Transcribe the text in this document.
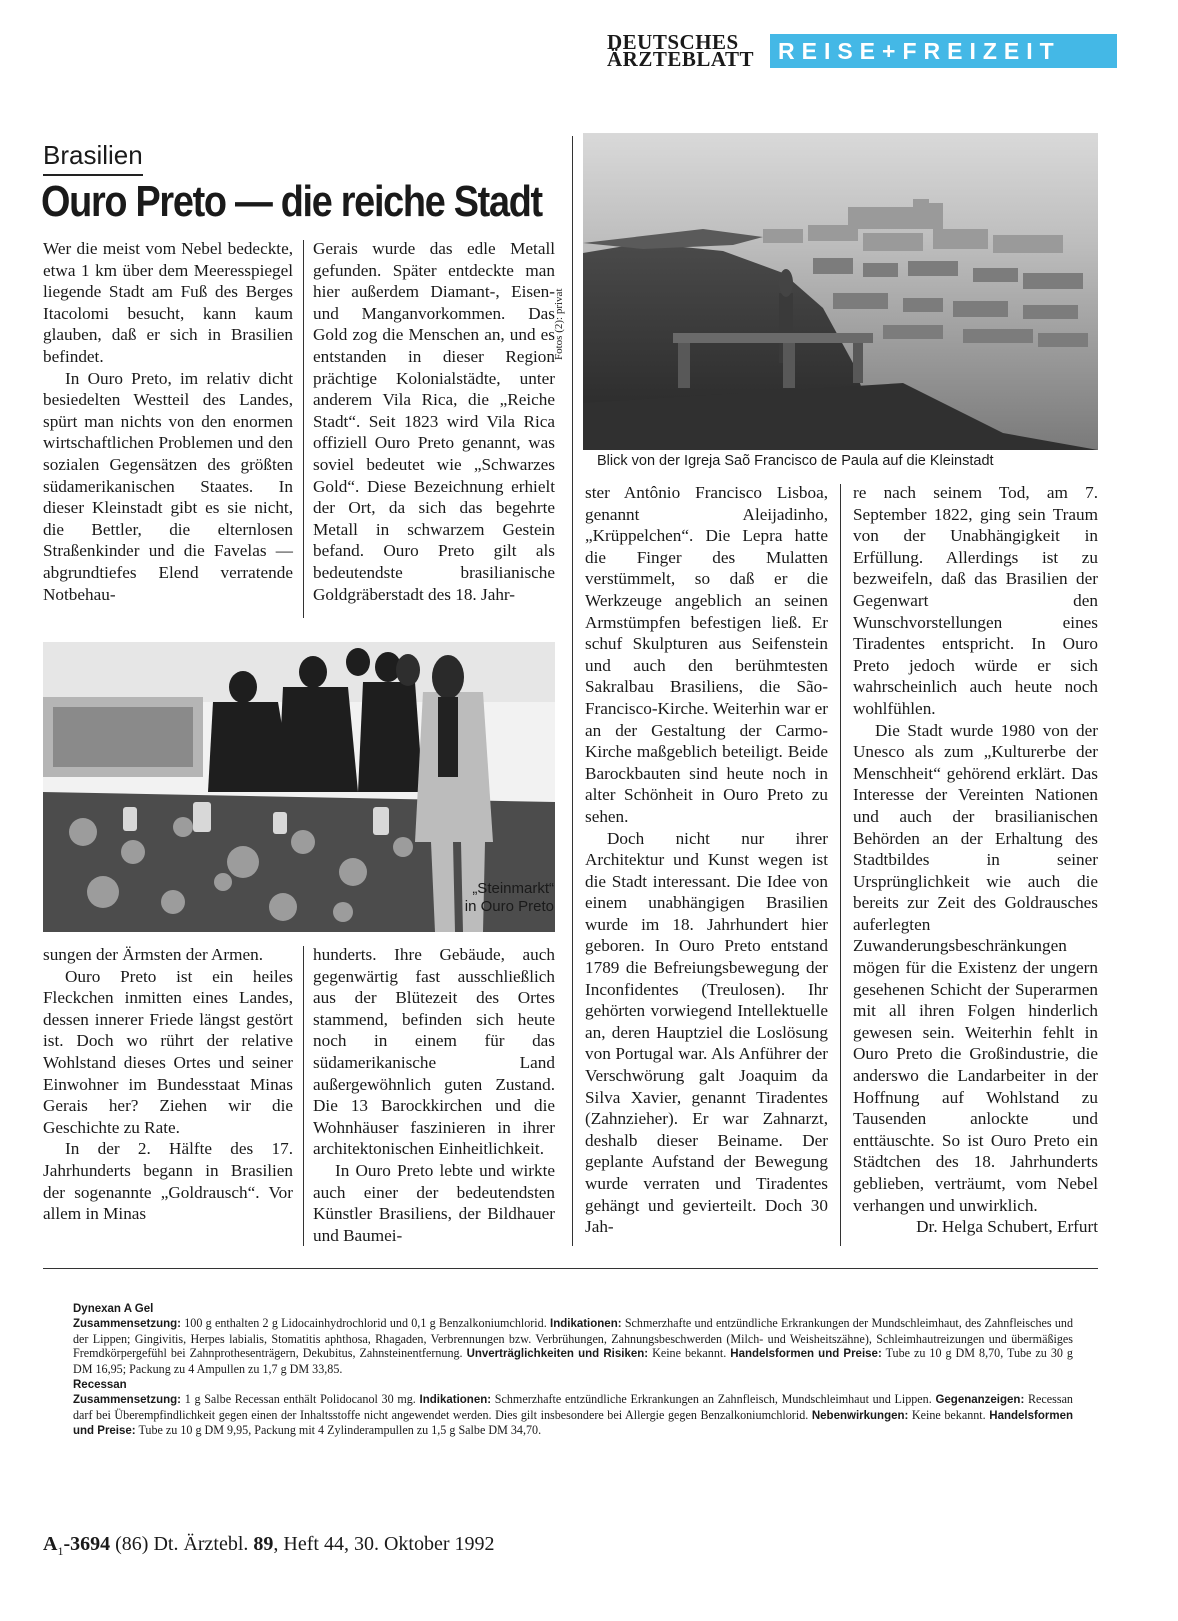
DEUTSCHES
ÄRZTEBLATT	REISE+FREIZEIT
Brasilien
Ouro Preto — die reiche Stadt
Fotos (2): privat
Blick von der Igreja Saõ Francisco de Paula auf die Kleinstadt
„Steinmarkt“
in Ouro Preto

Wer die meist vom Nebel bedeckte, etwa 1 km über dem Meeresspiegel liegende Stadt am Fuß des Berges Itacolomi besucht, kann kaum glauben, daß er sich in Brasilien befindet.

In Ouro Preto, im relativ dicht besiedelten Westteil des Landes, spürt man nichts von den enormen wirtschaftlichen Problemen und den sozialen Gegensätzen des größten südamerikanischen Staates. In dieser Kleinstadt gibt es sie nicht, die Bettler, die elternlosen Straßenkinder und die Favelas — abgrundtiefes Elend verratende Notbehau-

Gerais wurde das edle Metall gefunden. Später entdeckte man hier außerdem Diamant-, Eisen- und Manganvorkommen. Das Gold zog die Menschen an, und es entstanden in dieser Region prächtige Kolonialstädte, unter anderem Vila Rica, die „Reiche Stadt“. Seit 1823 wird Vila Rica offiziell Ouro Preto genannt, was soviel bedeutet wie „Schwarzes Gold“. Diese Bezeichnung erhielt der Ort, da sich das begehrte Metall in schwarzem Gestein befand. Ouro Preto gilt als bedeutendste brasilianische Goldgräberstadt des 18. Jahr-

sungen der Ärmsten der Armen.

Ouro Preto ist ein heiles Fleckchen inmitten eines Landes, dessen innerer Friede längst gestört ist. Doch wo rührt der relative Wohlstand dieses Ortes und seiner Einwohner im Bundesstaat Minas Gerais her? Ziehen wir die Geschichte zu Rate.

In der 2. Hälfte des 17. Jahrhunderts begann in Brasilien der sogenannte „Goldrausch“. Vor allem in Minas

hunderts. Ihre Gebäude, auch gegenwärtig fast ausschließlich aus der Blütezeit des Ortes stammend, befinden sich heute noch in einem für das südamerikanische Land außergewöhnlich guten Zustand. Die 13 Barockkirchen und die Wohnhäuser faszinieren in ihrer architektonischen Einheitlichkeit.

In Ouro Preto lebte und wirkte auch einer der bedeutendsten Künstler Brasiliens, der Bildhauer und Baumei-

ster Antônio Francisco Lisboa, genannt Aleijadinho, „Krüppelchen“. Die Lepra hatte die Finger des Mulatten verstümmelt, so daß er die Werkzeuge angeblich an seinen Armstümpfen befestigen ließ. Er schuf Skulpturen aus Seifenstein und auch den berühmtesten Sakralbau Brasiliens, die São-Francisco-Kirche. Weiterhin war er an der Gestaltung der Carmo-Kirche maßgeblich beteiligt. Beide Barockbauten sind heute noch in alter Schönheit in Ouro Preto zu sehen.

Doch nicht nur ihrer Architektur und Kunst wegen ist die Stadt interessant. Die Idee von einem unabhängigen Brasilien wurde im 18. Jahrhundert hier geboren. In Ouro Preto entstand 1789 die Befreiungsbewegung der Inconfidentes (Treulosen). Ihr gehörten vorwiegend Intellektuelle an, deren Hauptziel die Loslösung von Portugal war. Als Anführer der Verschwörung galt Joaquim da Silva Xavier, genannt Tiradentes (Zahnzieher). Er war Zahnarzt, deshalb dieser Beiname. Der geplante Aufstand der Bewegung wurde verraten und Tiradentes gehängt und gevierteilt. Doch 30 Jah-

re nach seinem Tod, am 7. September 1822, ging sein Traum von der Unabhängigkeit in Erfüllung. Allerdings ist zu bezweifeln, daß das Brasilien der Gegenwart den Wunschvorstellungen eines Tiradentes entspricht. In Ouro Preto jedoch würde er sich wahrscheinlich auch heute noch wohlfühlen.

Die Stadt wurde 1980 von der Unesco als zum „Kulturerbe der Menschheit“ gehörend erklärt. Das Interesse der Vereinten Nationen und auch der brasilianischen Behörden an der Erhaltung des Stadtbildes in seiner Ursprünglichkeit wie auch die bereits zur Zeit des Goldrausches auferlegten Zuwanderungsbeschränkungen mögen für die Existenz der ungern gesehenen Schicht der Superarmen mit all ihren Folgen hinderlich gewesen sein. Weiterhin fehlt in Ouro Preto die Großindustrie, die anderswo die Landarbeiter in der Hoffnung auf Wohlstand zu Tausenden anlockte und enttäuschte. So ist Ouro Preto ein Städtchen des 18. Jahrhunderts geblieben, verträumt, vom Nebel verhangen und unwirklich.

Dr. Helga Schubert, Erfurt

Dynexan A Gel

Zusammensetzung: 100 g enthalten 2 g Lidocainhydrochlorid und 0,1 g Benzalkoniumchlorid. Indikationen: Schmerzhafte und entzündliche Erkrankungen der Mundschleimhaut, des Zahnfleisches und der Lippen; Gingivitis, Herpes labialis, Stomatitis aphthosa, Rhagaden, Verbrennungen bzw. Verbrühungen, Zahnungsbeschwerden (Milch- und Weisheitszähne), Schleimhautreizungen und übermäßiges Fremdkörpergefühl bei Zahnprothesenträgern, Dekubitus, Zahnsteinentfernung. Unverträglichkeiten und Risiken: Keine bekannt. Handelsformen und Preise: Tube zu 10 g DM 8,70, Tube zu 30 g DM 16,95; Packung zu 4 Ampullen zu 1,7 g DM 33,85.

Recessan

Zusammensetzung: 1 g Salbe Recessan enthält Polidocanol 30 mg. Indikationen: Schmerzhafte entzündliche Erkrankungen an Zahnfleisch, Mundschleimhaut und Lippen. Gegenanzeigen: Recessan darf bei Überempfindlichkeit gegen einen der Inhaltsstoffe nicht angewendet werden. Dies gilt insbesondere bei Allergie gegen Benzalkoniumchlorid. Nebenwirkungen: Keine bekannt. Handelsformen und Preise: Tube zu 10 g DM 9,95, Packung mit 4 Zylinderampullen zu 1,5 g Salbe DM 34,70.

$A_1-3694$ (86) Dt. Ärztebl. 89, Heft 44, 30. Oktober 1992
